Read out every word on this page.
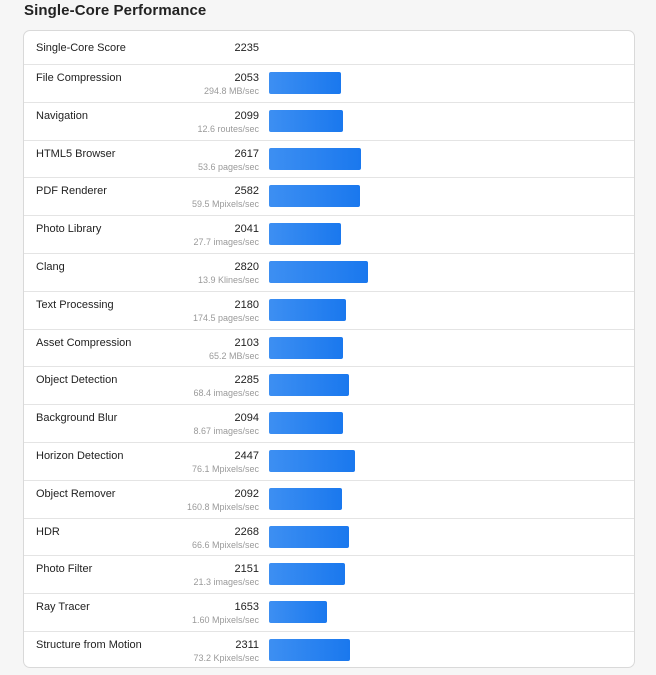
Single-Core Performance
Single-Core Score	2235
File Compression	2053
294.8 MB/sec
Navigation	2099
12.6 routes/sec
HTML5 Browser	2617
53.6 pages/sec
PDF Renderer	2582
59.5 Mpixels/sec
Photo Library	2041
27.7 images/sec
Clang	2820
13.9 Klines/sec
Text Processing	2180
174.5 pages/sec
Asset Compression	2103
65.2 MB/sec
Object Detection	2285
68.4 images/sec
Background Blur	2094
8.67 images/sec
Horizon Detection	2447
76.1 Mpixels/sec
Object Remover	2092
160.8 Mpixels/sec
HDR	2268
66.6 Mpixels/sec
Photo Filter	2151
21.3 images/sec
Ray Tracer	1653
1.60 Mpixels/sec
Structure from Motion	2311
73.2 Kpixels/sec
